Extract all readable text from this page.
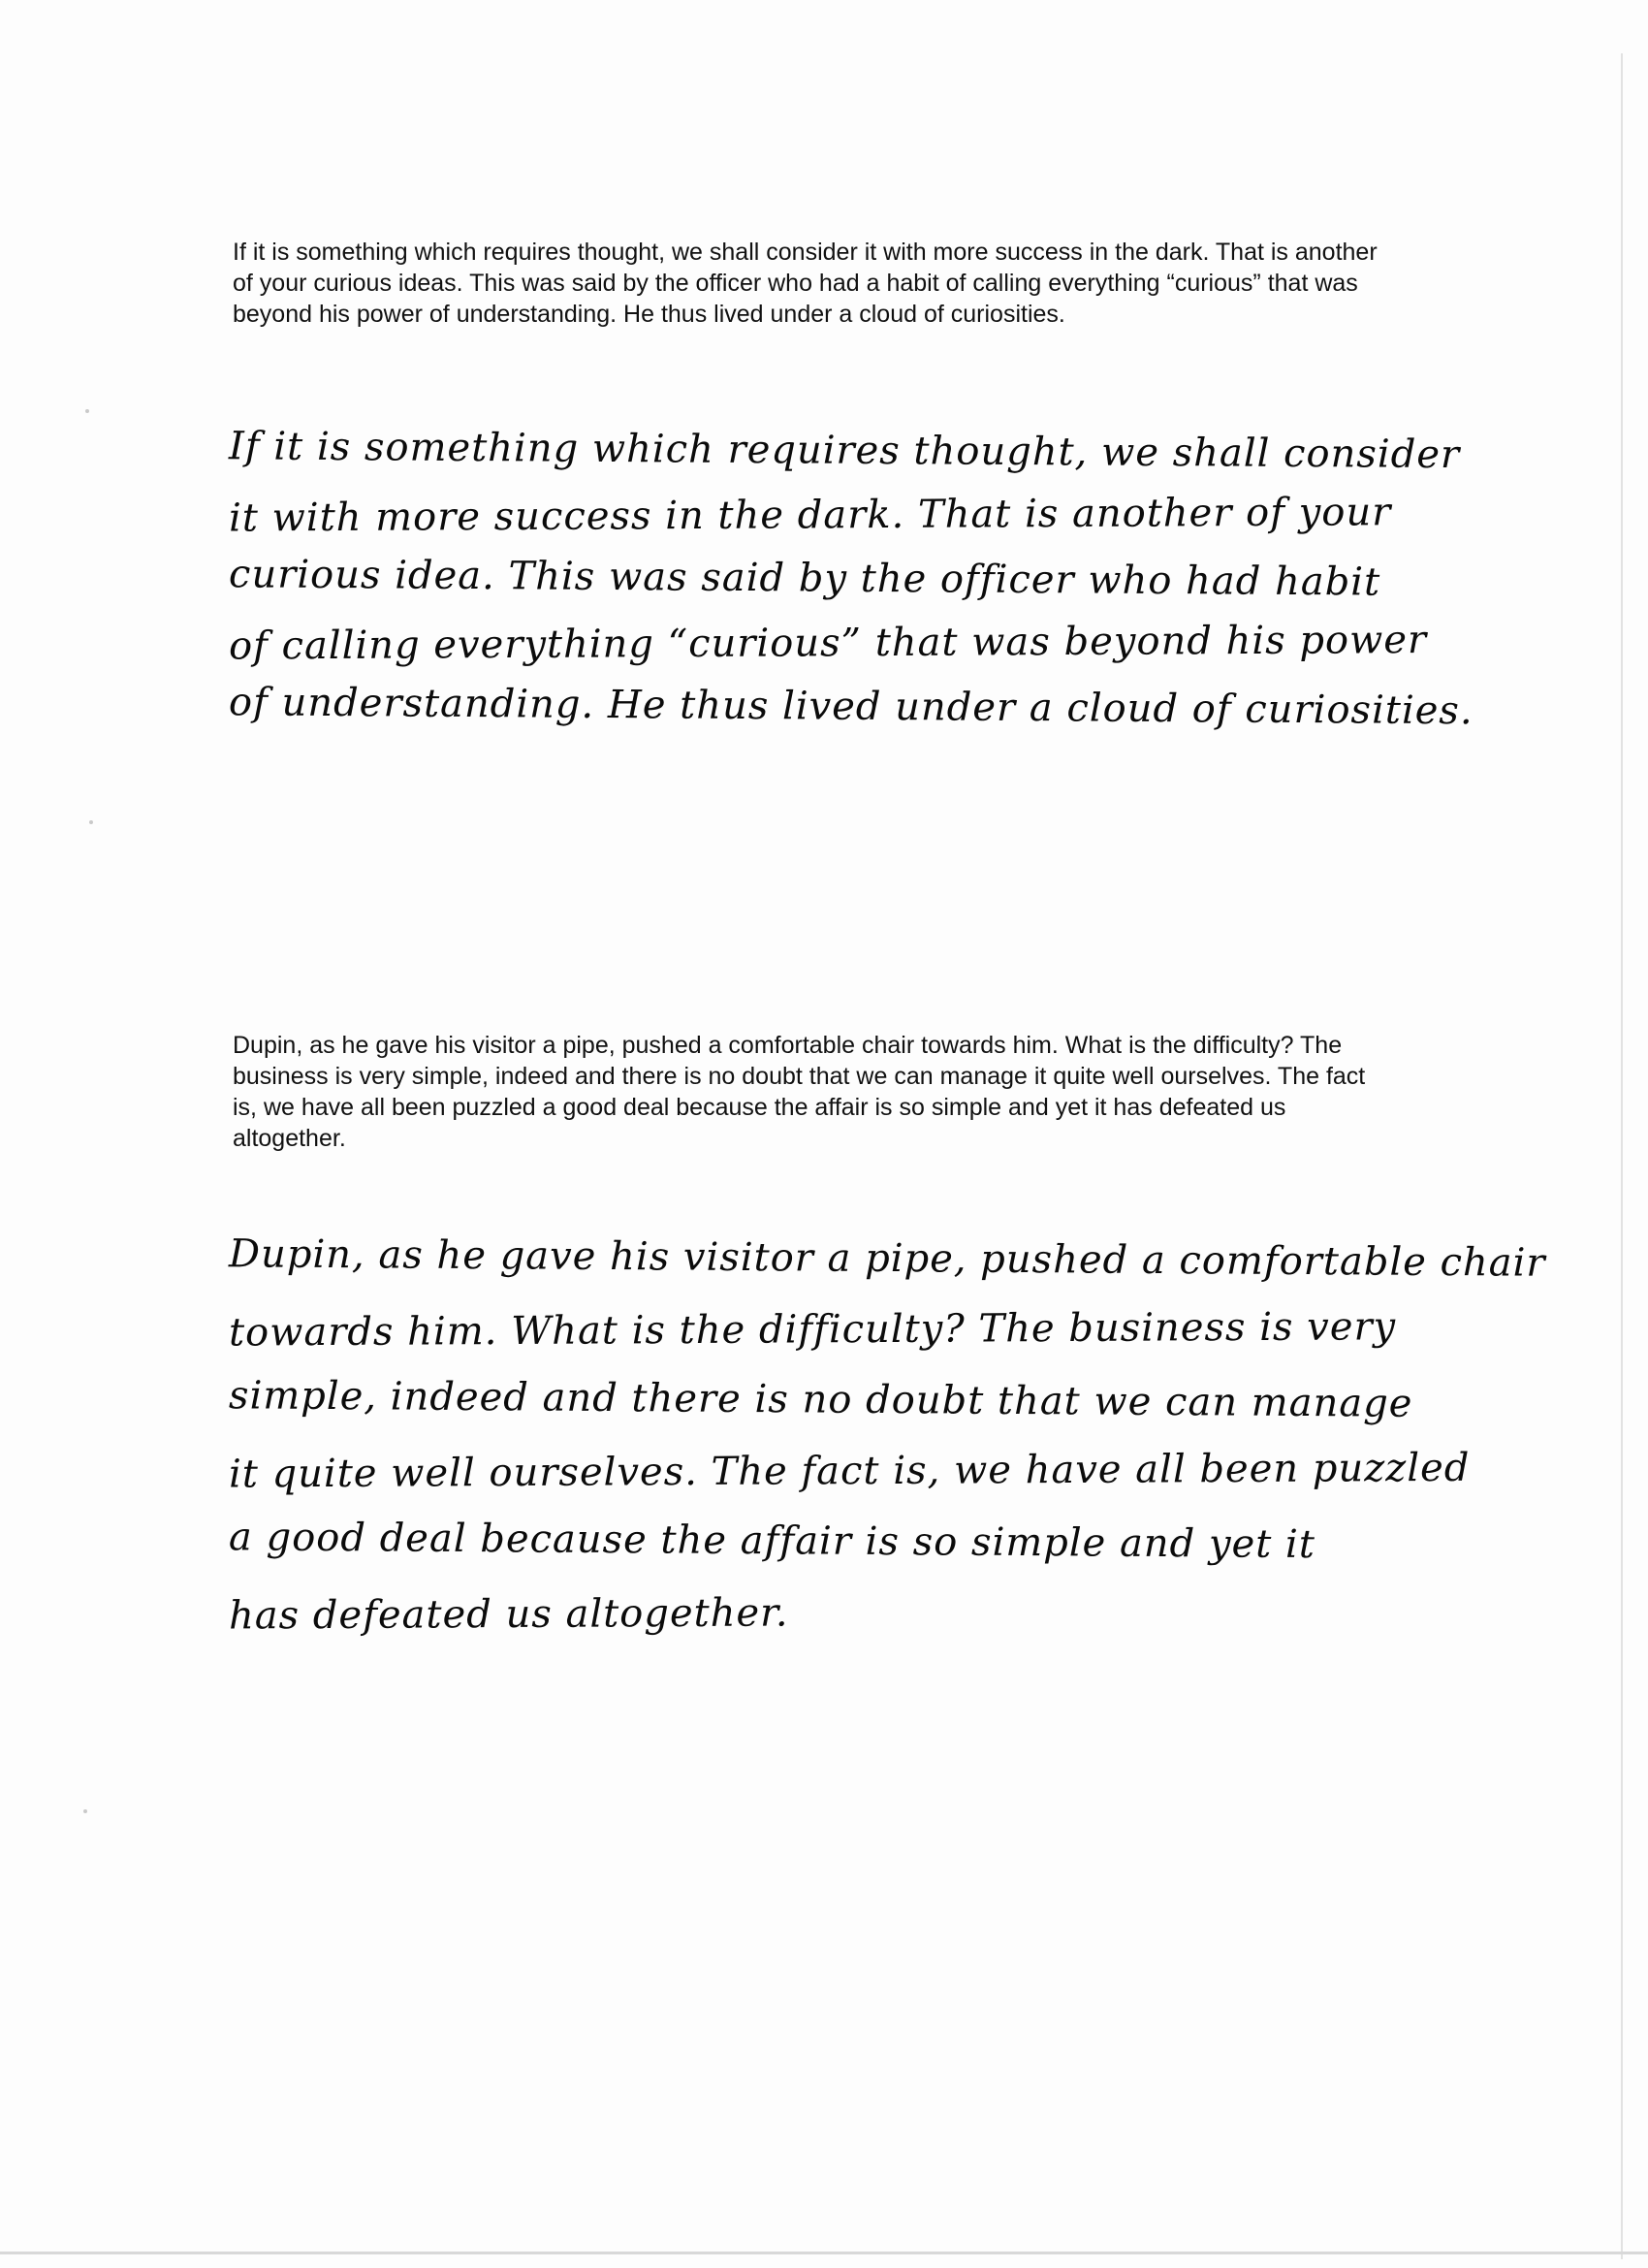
If it is something which requires thought, we shall consider it with more success in the dark. That is another of your curious ideas. This was said by the officer who had a habit of calling everything “curious” that was beyond his power of understanding. He thus lived under a cloud of curiosities.

If it is something which requires thought, we shall consider
it with more success in the dark. That is another of your
curious idea. This was said by the officer who had habit
of calling everything “curious” that was beyond his power
of understanding. He thus lived under a cloud of curiosities.

Dupin, as he gave his visitor a pipe, pushed a comfortable chair towards him. What is the difficulty? The business is very simple, indeed and there is no doubt that we can manage it quite well ourselves. The fact is, we have all been puzzled a good deal because the affair is so simple and yet it has defeated us altogether.

Dupin, as he gave his visitor a pipe, pushed a comfortable chair
towards him. What is the difficulty? The business is very
simple, indeed and there is no doubt that we can manage
it quite well ourselves. The fact is, we have all been puzzled
a good deal because the affair is so simple and yet it
has defeated us altogether.
